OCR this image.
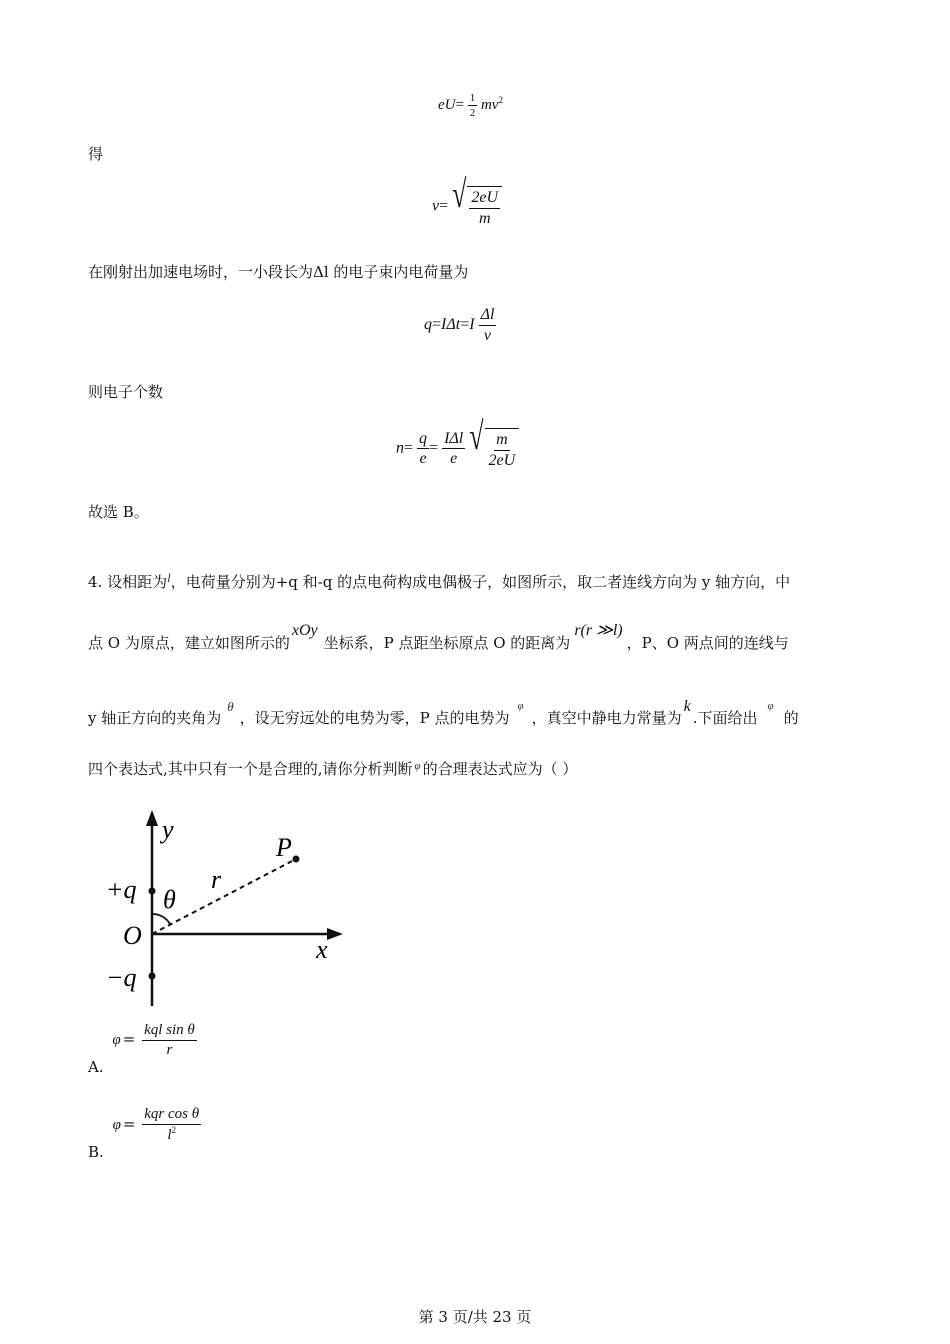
$eU= \frac{1}{2} mv^2$
得
v= √ $\frac{2eU}{m}$
在刚射出加速电场时，一小段长为Δl 的电子束内电荷量为
$q=I\Delta t=I \frac{\Delta l}{v}$
则电子个数
$n= \frac{q}{e} = \frac{\text{IΔl}}{e}$
√ $\frac{m}{2eU}$
故选 B。
4. 设相距为l，电荷量分别为+q 和-q 的点电荷构成电偶极子，如图所示，取二者连线方向为 y 轴方向，中
点 O 为原点，建立如图所示的xOy坐标系，P 点距坐标原点 O 的距离为r(r ≫l)，P、O 两点间的连线与
y 轴正方向的夹角为θ，设无穷远处的电势为零，P 点的电势为$^\varphi$，真空中静电力常量为k.下面给出$^\varphi$的
四个表达式,其中只有一个是合理的,请你分析判断 $^\varphi$ 的合理表达式应为（ ）
y
x
P
r
θ
+q
O
−q
A. $\varphi = \frac{\text{kql sin θ}}{r}$
B. $\varphi = \frac{\text{kqr cos θ}}{l^2}$
第 3 页/共 23 页
